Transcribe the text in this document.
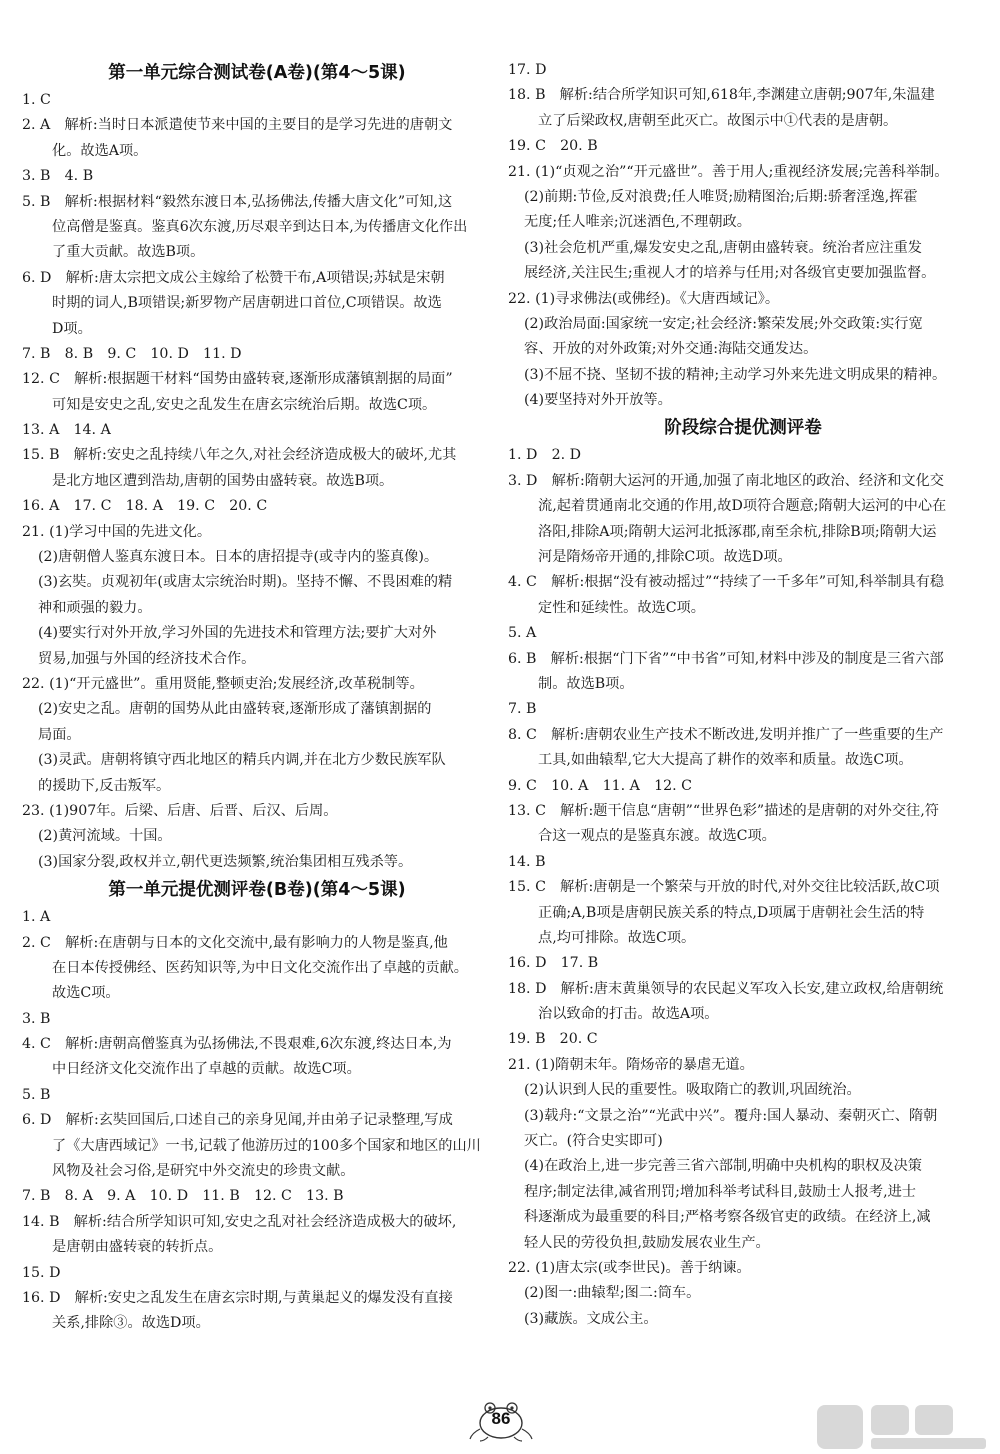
第一单元综合测试卷(A卷)(第4～5课)
1. C
2. A　解析:当时日本派遣使节来中国的主要目的是学习先进的唐朝文
化。故选A项。
3. B　4. B
5. B　解析:根据材料“毅然东渡日本,弘扬佛法,传播大唐文化”可知,这
位高僧是鉴真。鉴真6次东渡,历尽艰辛到达日本,为传播唐文化作出
了重大贡献。故选B项。
6. D　解析:唐太宗把文成公主嫁给了松赞干布,A项错误;苏轼是宋朝
时期的词人,B项错误;新罗物产居唐朝进口首位,C项错误。故选
D项。
7. B　8. B　9. C　10. D　11. D
12. C　解析:根据题干材料“国势由盛转衰,逐渐形成藩镇割据的局面”
可知是安史之乱,安史之乱发生在唐玄宗统治后期。故选C项。
13. A　14. A
15. B　解析:安史之乱持续八年之久,对社会经济造成极大的破坏,尤其
是北方地区遭到浩劫,唐朝的国势由盛转衰。故选B项。
16. A　17. C　18. A　19. C　20. C
21. (1)学习中国的先进文化。
(2)唐朝僧人鉴真东渡日本。日本的唐招提寺(或寺内的鉴真像)。
(3)玄奘。贞观初年(或唐太宗统治时期)。坚持不懈、不畏困难的精
神和顽强的毅力。
(4)要实行对外开放,学习外国的先进技术和管理方法;要扩大对外
贸易,加强与外国的经济技术合作。
22. (1)“开元盛世”。重用贤能,整顿吏治;发展经济,改革税制等。
(2)安史之乱。唐朝的国势从此由盛转衰,逐渐形成了藩镇割据的
局面。
(3)灵武。唐朝将镇守西北地区的精兵内调,并在北方少数民族军队
的援助下,反击叛军。
23. (1)907年。后梁、后唐、后晋、后汉、后周。
(2)黄河流域。十国。
(3)国家分裂,政权并立,朝代更迭频繁,统治集团相互残杀等。
第一单元提优测评卷(B卷)(第4～5课)
1. A
2. C　解析:在唐朝与日本的文化交流中,最有影响力的人物是鉴真,他
在日本传授佛经、医药知识等,为中日文化交流作出了卓越的贡献。
故选C项。
3. B
4. C　解析:唐朝高僧鉴真为弘扬佛法,不畏艰难,6次东渡,终达日本,为
中日经济文化交流作出了卓越的贡献。故选C项。
5. B
6. D　解析:玄奘回国后,口述自己的亲身见闻,并由弟子记录整理,写成
了《大唐西域记》一书,记载了他游历过的100多个国家和地区的山川
风物及社会习俗,是研究中外交流史的珍贵文献。
7. B　8. A　9. A　10. D　11. B　12. C　13. B
14. B　解析:结合所学知识可知,安史之乱对社会经济造成极大的破坏,
是唐朝由盛转衰的转折点。
15. D
16. D　解析:安史之乱发生在唐玄宗时期,与黄巢起义的爆发没有直接
关系,排除③。故选D项。
17. D
18. B　解析:结合所学知识可知,618年,李渊建立唐朝;907年,朱温建
立了后梁政权,唐朝至此灭亡。故图示中①代表的是唐朝。
19. C　20. B
21. (1)“贞观之治”“开元盛世”。善于用人;重视经济发展;完善科举制。
(2)前期:节俭,反对浪费;任人唯贤;励精图治;后期:骄奢淫逸,挥霍
无度;任人唯亲;沉迷酒色,不理朝政。
(3)社会危机严重,爆发安史之乱,唐朝由盛转衰。统治者应注重发
展经济,关注民生;重视人才的培养与任用;对各级官吏要加强监督。
22. (1)寻求佛法(或佛经)。《大唐西域记》。
(2)政治局面:国家统一安定;社会经济:繁荣发展;外交政策:实行宽
容、开放的对外政策;对外交通:海陆交通发达。
(3)不屈不挠、坚韧不拔的精神;主动学习外来先进文明成果的精神。
(4)要坚持对外开放等。
阶段综合提优测评卷
1. D　2. D
3. D　解析:隋朝大运河的开通,加强了南北地区的政治、经济和文化交
流,起着贯通南北交通的作用,故D项符合题意;隋朝大运河的中心在
洛阳,排除A项;隋朝大运河北抵涿郡,南至余杭,排除B项;隋朝大运
河是隋炀帝开通的,排除C项。故选D项。
4. C　解析:根据“没有被动摇过”“持续了一千多年”可知,科举制具有稳
定性和延续性。故选C项。
5. A
6. B　解析:根据“门下省”“中书省”可知,材料中涉及的制度是三省六部
制。故选B项。
7. B
8. C　解析:唐朝农业生产技术不断改进,发明并推广了一些重要的生产
工具,如曲辕犁,它大大提高了耕作的效率和质量。故选C项。
9. C　10. A　11. A　12. C
13. C　解析:题干信息“唐朝”“世界色彩”描述的是唐朝的对外交往,符
合这一观点的是鉴真东渡。故选C项。
14. B
15. C　解析:唐朝是一个繁荣与开放的时代,对外交往比较活跃,故C项
正确;A,B项是唐朝民族关系的特点,D项属于唐朝社会生活的特
点,均可排除。故选C项。
16. D　17. B
18. D　解析:唐末黄巢领导的农民起义军攻入长安,建立政权,给唐朝统
治以致命的打击。故选A项。
19. B　20. C
21. (1)隋朝末年。隋炀帝的暴虐无道。
(2)认识到人民的重要性。吸取隋亡的教训,巩固统治。
(3)载舟:“文景之治”“光武中兴”。覆舟:国人暴动、秦朝灭亡、隋朝
灭亡。(符合史实即可)
(4)在政治上,进一步完善三省六部制,明确中央机构的职权及决策
程序;制定法律,减省刑罚;增加科举考试科目,鼓励士人报考,进士
科逐渐成为最重要的科目;严格考察各级官吏的政绩。在经济上,减
轻人民的劳役负担,鼓励发展农业生产。
22. (1)唐太宗(或李世民)。善于纳谏。
(2)图一:曲辕犁;图二:筒车。
(3)藏族。文成公主。
86
